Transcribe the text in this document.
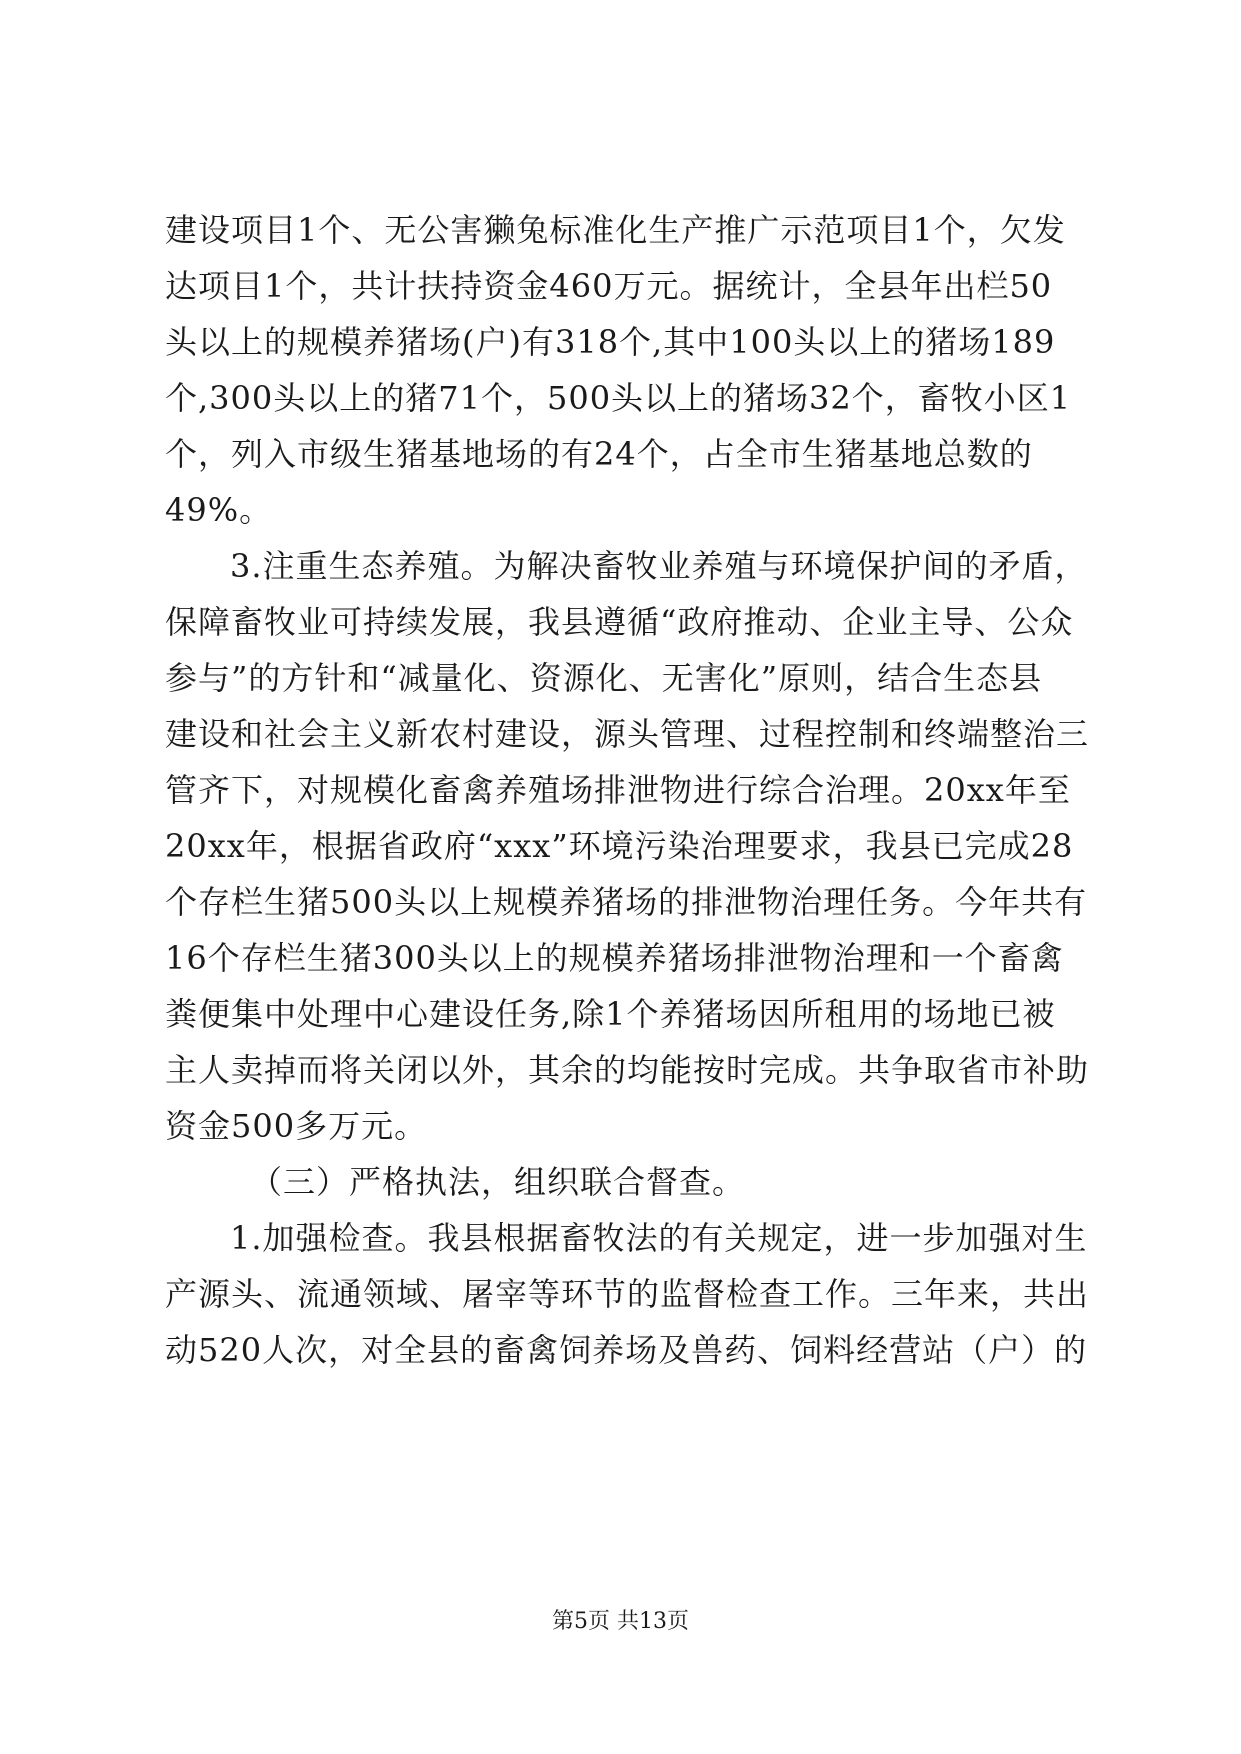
建设项目1个、无公害獭兔标准化生产推广示范项目1个，欠发
达项目1个，共计扶持资金460万元。据统计，全县年出栏50
头以上的规模养猪场(户)有318个,其中100头以上的猪场189
个,300头以上的猪71个，500头以上的猪场32个，畜牧小区1
个，列入市级生猪基地场的有24个，占全市生猪基地总数的
49%。
3.注重生态养殖。为解决畜牧业养殖与环境保护间的矛盾，
保障畜牧业可持续发展，我县遵循“政府推动、企业主导、公众
参与”的方针和“减量化、资源化、无害化”原则，结合生态县
建设和社会主义新农村建设，源头管理、过程控制和终端整治三
管齐下，对规模化畜禽养殖场排泄物进行综合治理。20xx年至
20xx年，根据省政府“xxx”环境污染治理要求，我县已完成28
个存栏生猪500头以上规模养猪场的排泄物治理任务。今年共有
16个存栏生猪300头以上的规模养猪场排泄物治理和一个畜禽
粪便集中处理中心建设任务,除1个养猪场因所租用的场地已被
主人卖掉而将关闭以外，其余的均能按时完成。共争取省市补助
资金500多万元。
（三）严格执法，组织联合督查。
1.加强检查。我县根据畜牧法的有关规定，进一步加强对生
产源头、流通领域、屠宰等环节的监督检查工作。三年来，共出
动520人次，对全县的畜禽饲养场及兽药、饲料经营站（户）的
第5页 共13页
